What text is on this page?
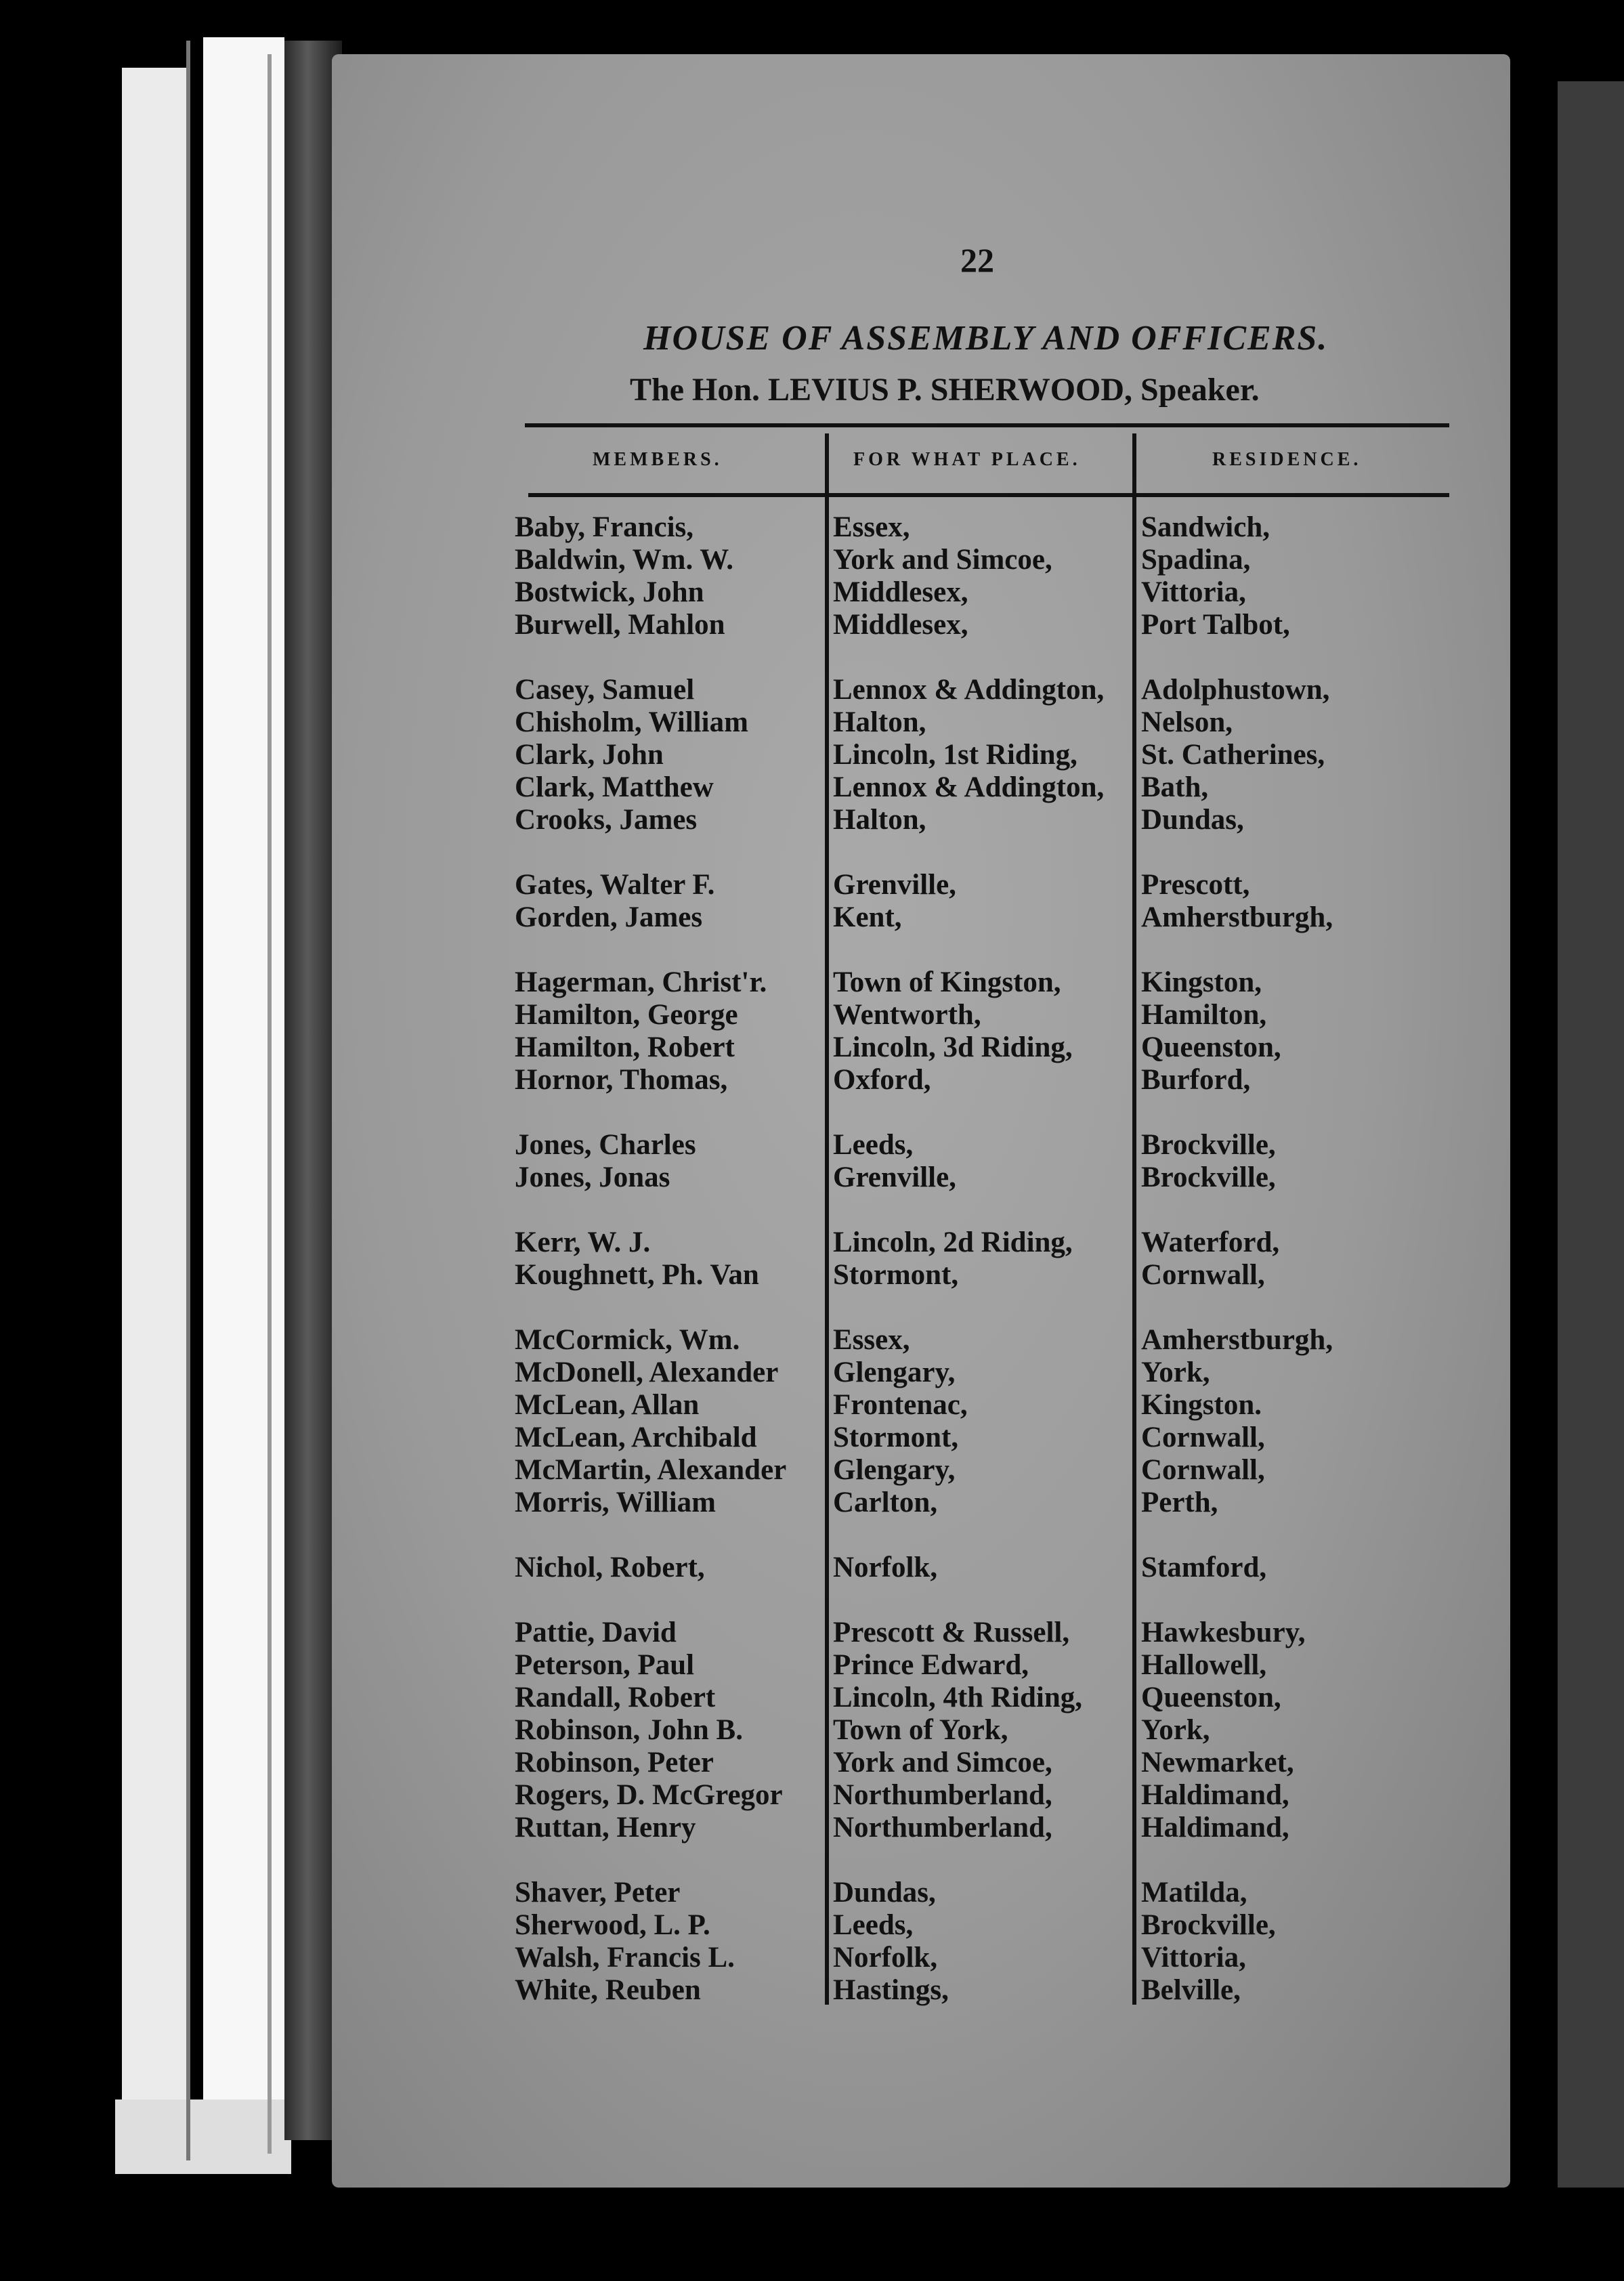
22
HOUSE OF ASSEMBLY AND OFFICERS.
The Hon. LEVIUS P. SHERWOOD, Speaker.
MEMBERS.	FOR WHAT PLACE.	RESIDENCE.
Baby, Francis,
Baldwin, Wm. W.
Bostwick, John
Burwell, Mahlon
Casey, Samuel
Chisholm, William
Clark, John
Clark, Matthew
Crooks, James
Gates, Walter F.
Gorden, James
Hagerman, Christ'r.
Hamilton, George
Hamilton, Robert
Hornor, Thomas,
Jones, Charles
Jones, Jonas
Kerr, W. J.
Koughnett, Ph. Van
McCormick, Wm.
McDonell, Alexander
McLean, Allan
McLean, Archibald
McMartin, Alexander
Morris, William
Nichol, Robert,
Pattie, David
Peterson, Paul
Randall, Robert
Robinson, John B.
Robinson, Peter
Rogers, D. McGregor
Ruttan, Henry
Shaver, Peter
Sherwood, L. P.
Walsh, Francis L.
White, Reuben
Essex,
York and Simcoe,
Middlesex,
Middlesex,
Lennox & Addington,
Halton,
Lincoln, 1st Riding,
Lennox & Addington,
Halton,
Grenville,
Kent,
Town of Kingston,
Wentworth,
Lincoln, 3d Riding,
Oxford,
Leeds,
Grenville,
Lincoln, 2d Riding,
Stormont,
Essex,
Glengary,
Frontenac,
Stormont,
Glengary,
Carlton,
Norfolk,
Prescott & Russell,
Prince Edward,
Lincoln, 4th Riding,
Town of York,
York and Simcoe,
Northumberland,
Northumberland,
Dundas,
Leeds,
Norfolk,
Hastings,
Sandwich,
Spadina,
Vittoria,
Port Talbot,
Adolphustown,
Nelson,
St. Catherines,
Bath,
Dundas,
Prescott,
Amherstburgh,
Kingston,
Hamilton,
Queenston,
Burford,
Brockville,
Brockville,
Waterford,
Cornwall,
Amherstburgh,
York,
Kingston.
Cornwall,
Cornwall,
Perth,
Stamford,
Hawkesbury,
Hallowell,
Queenston,
York,
Newmarket,
Haldimand,
Haldimand,
Matilda,
Brockville,
Vittoria,
Belville,
